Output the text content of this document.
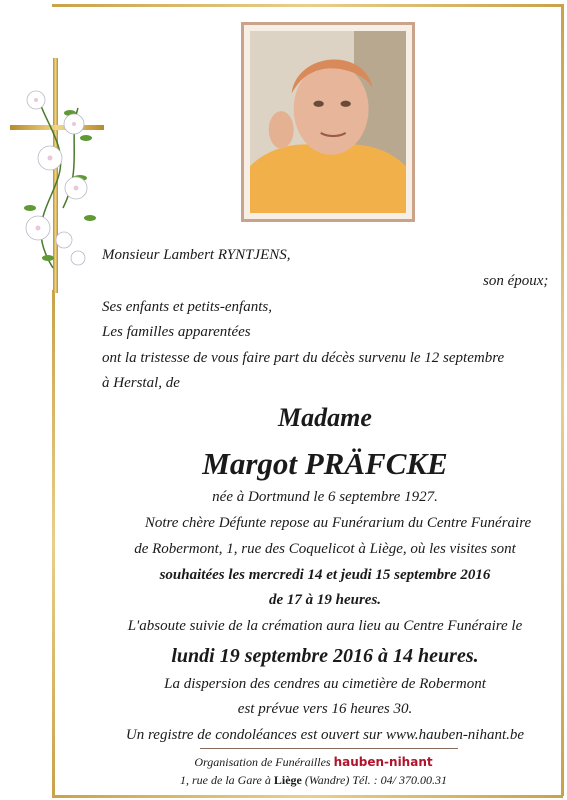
Monsieur Lambert RYNTJENS,
son époux;
Ses enfants et petits-enfants,
Les familles apparentées
ont la tristesse de vous faire part du décès survenu le 12 septembre
à Herstal, de
Madame
Margot PRÄFCKE
née à Dortmund le 6 septembre 1927.
Notre chère Défunte repose au Funérarium du Centre Funéraire
de Robermont, 1, rue des Coquelicot à Liège, où les visites sont
souhaitées les mercredi 14 et jeudi 15 septembre 2016
de 17 à 19 heures.
L'absoute suivie de la crémation aura lieu au Centre Funéraire le
lundi 19 septembre 2016 à 14 heures.
La dispersion des cendres au cimetière de Robermont
est prévue vers 16 heures 30.
Un registre de condoléances est ouvert sur www.hauben-nihant.be
Organisation de Funérailles hauben-nihant
1, rue de la Gare à Liège (Wandre) Tél. : 04/ 370.00.31
